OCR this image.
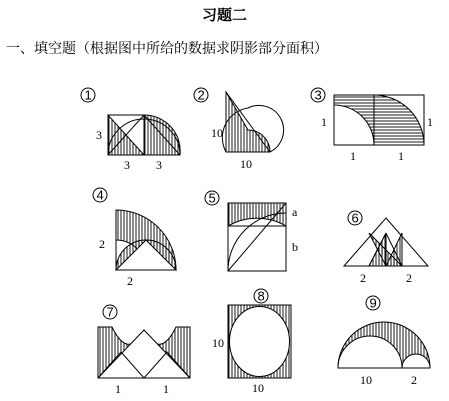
习题二
一、填空题（根据图中所给的数据求阴影部分面积）
1
3
3 3
2
10
10
3
1	1
1	1
4
2
2
5
a
b
6
2	2
7
1	1
8
10
10
9
10	2
